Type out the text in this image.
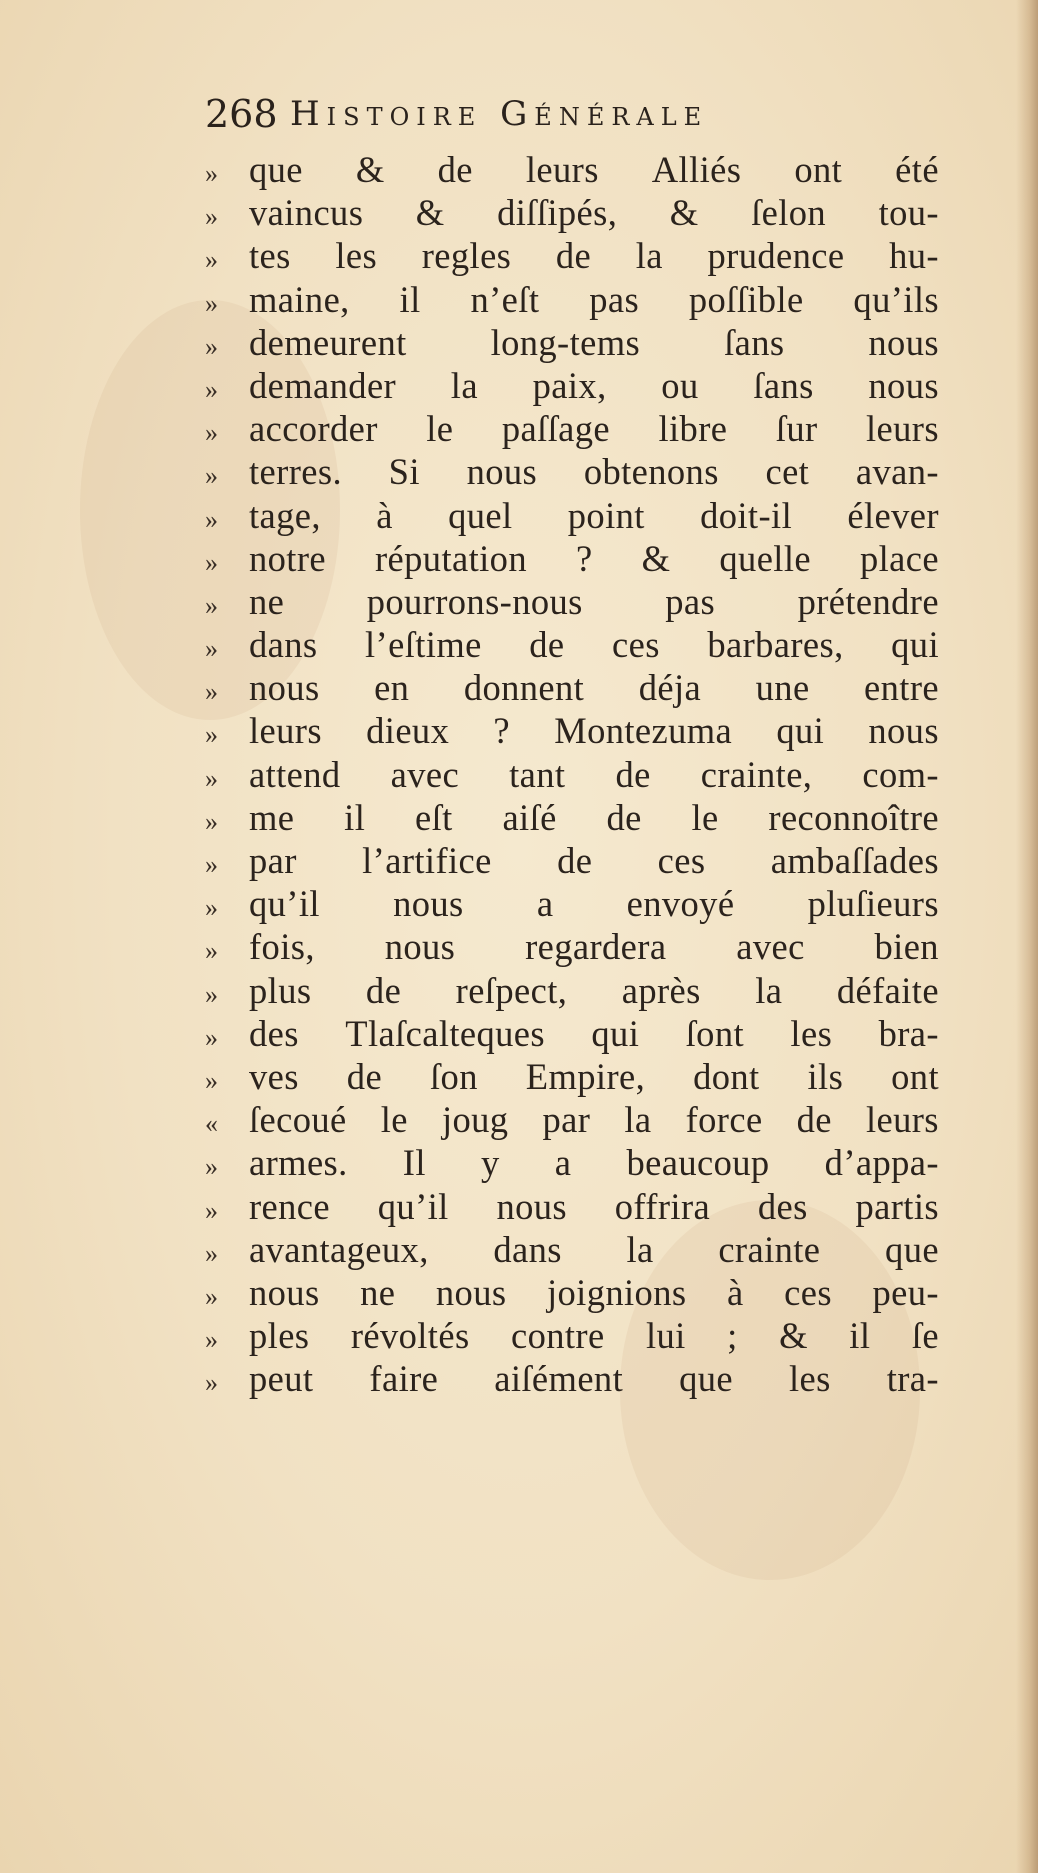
268 Histoire Générale
» que & de leurs Alliés ont été
» vaincus & diſſipés, & ſelon tou-
» tes les regles de la prudence hu-
» maine, il n’eſt pas poſſible qu’ils
» demeurent long-tems ſans nous
» demander la paix, ou ſans nous
» accorder le paſſage libre ſur leurs
» terres. Si nous obtenons cet avan-
» tage, à quel point doit-il élever
» notre réputation ? & quelle place
» ne pourrons-nous pas prétendre
» dans l’eſtime de ces barbares, qui
» nous en donnent déja une entre
» leurs dieux ? Montezuma qui nous
» attend avec tant de crainte, com-
» me il eſt aiſé de le reconnoître
» par l’artifice de ces ambaſſades
» qu’il nous a envoyé pluſieurs
» fois, nous regardera avec bien
» plus de reſpect, après la défaite
» des Tlaſcalteques qui ſont les bra-
» ves de ſon Empire, dont ils ont
« ſecoué le joug par la force de leurs
» armes. Il y a beaucoup d’appa-
» rence qu’il nous offrira des partis
» avantageux, dans la crainte que
» nous ne nous joignions à ces peu-
» ples révoltés contre lui ; & il ſe
» peut faire aiſément que les tra-
